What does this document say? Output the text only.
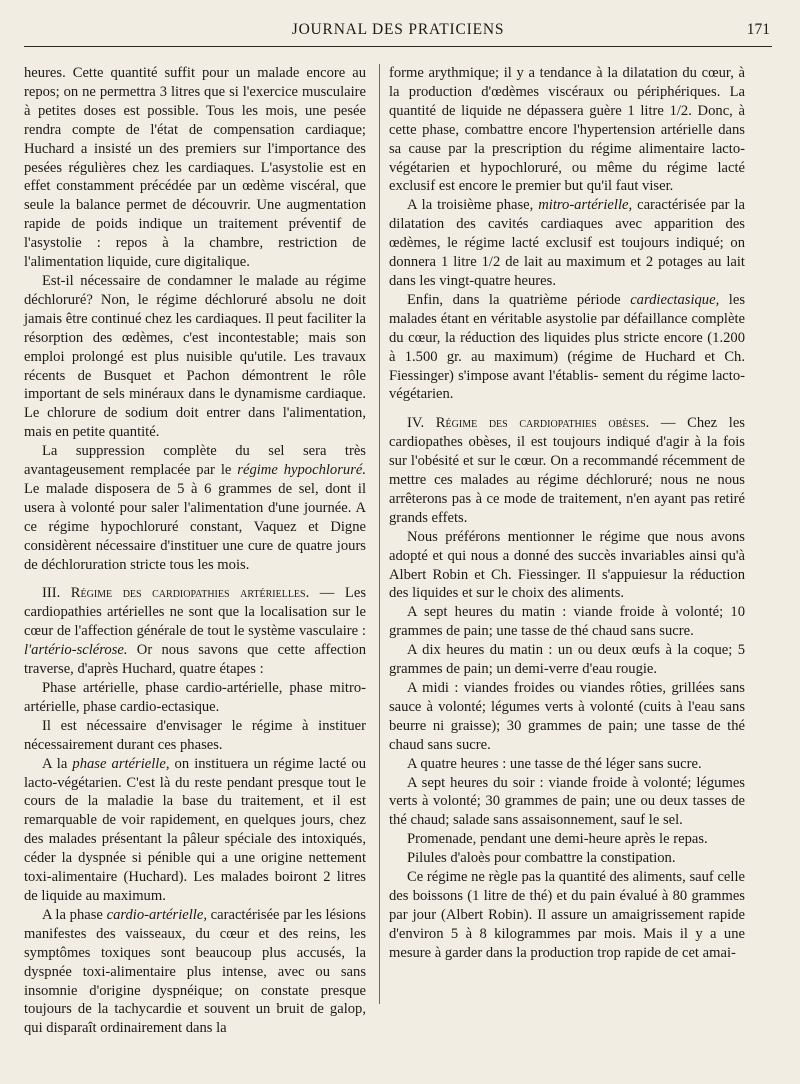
JOURNAL DES PRATICIENS	171

heures. Cette quantité suffit pour un malade encore au repos; on ne permettra 3 litres que si l'exercice musculaire à petites doses est possible. Tous les mois, une pesée rendra compte de l'état de compensation cardiaque; Huchard a insisté un des premiers sur l'importance des pesées régulières chez les cardiaques. L'asystolie est en effet constamment précédée par un œdème viscéral, que seule la balance permet de découvrir. Une augmentation rapide de poids indique un traitement préventif de l'asystolie : repos à la chambre, restriction de l'alimentation liquide, cure digitalique.

Est-il nécessaire de condamner le malade au régime déchloruré? Non, le régime déchloruré absolu ne doit jamais être continué chez les cardiaques. Il peut faciliter la résorption des œdèmes, c'est incontestable; mais son emploi prolongé est plus nuisible qu'utile. Les travaux récents de Busquet et Pachon démontrent le rôle important de sels minéraux dans le dynamisme cardiaque. Le chlorure de sodium doit entrer dans l'alimentation, mais en petite quantité.

La suppression complète du sel sera très avantageusement remplacée par le régime hypochloruré. Le malade disposera de 5 à 6 grammes de sel, dont il usera à volonté pour saler l'alimentation d'une journée. A ce régime hypochloruré constant, Vaquez et Digne considèrent nécessaire d'instituer une cure de quatre jours de déchloruration stricte tous les mois.

III. Régime des cardiopathies artérielles. — Les cardiopathies artérielles ne sont que la localisation sur le cœur de l'affection générale de tout le système vasculaire : l'artério-sclérose. Or nous savons que cette affection traverse, d'après Huchard, quatre étapes :

Phase artérielle, phase cardio-artérielle, phase mitro-artérielle, phase cardio-ectasique.

Il est nécessaire d'envisager le régime à instituer nécessairement durant ces phases.

A la phase artérielle, on instituera un régime lacté ou lacto-végétarien. C'est là du reste pendant presque tout le cours de la maladie la base du traitement, et il est remarquable de voir rapidement, en quelques jours, chez des malades présentant la pâleur spéciale des intoxiqués, céder la dyspnée si pénible qui a une origine nettement toxi-alimentaire (Huchard). Les malades boiront 2 litres de liquide au maximum.

A la phase cardio-artérielle, caractérisée par les lésions manifestes des vaisseaux, du cœur et des reins, les symptômes toxiques sont beaucoup plus accusés, la dyspnée toxi-alimentaire plus intense, avec ou sans insomnie d'origine dyspnéique; on constate presque toujours de la tachycardie et souvent un bruit de galop, qui disparaît ordinairement dans la

forme arythmique; il y a tendance à la dilatation du cœur, à la production d'œdèmes viscéraux ou périphériques. La quantité de liquide ne dépassera guère 1 litre 1/2. Donc, à cette phase, combattre encore l'hypertension artérielle dans sa cause par la prescription du régime alimentaire lacto-végétarien et hypochloruré, ou même du régime lacté exclusif est encore le premier but qu'il faut viser.

A la troisième phase, mitro-artérielle, caractérisée par la dilatation des cavités cardiaques avec apparition des œdèmes, le régime lacté exclusif est toujours indiqué; on donnera 1 litre 1/2 de lait au maximum et 2 potages au lait dans les vingt-quatre heures.

Enfin, dans la quatrième période cardiectasique, les malades étant en véritable asystolie par défaillance complète du cœur, la réduction des liquides plus stricte encore (1.200 à 1.500 gr. au maximum) (régime de Huchard et Ch. Fiessinger) s'impose avant l'établis- sement du régime lacto-végétarien.

IV. Régime des cardiopathies obèses. — Chez les cardiopathes obèses, il est toujours indiqué d'agir à la fois sur l'obésité et sur le cœur. On a recommandé récemment de mettre ces malades au régime déchloruré; nous ne nous arrêterons pas à ce mode de traitement, n'en ayant pas retiré grands effets.

Nous préférons mentionner le régime que nous avons adopté et qui nous a donné des succès invariables ainsi qu'à Albert Robin et Ch. Fiessinger. Il s'appuiesur la réduction des liquides et sur le choix des aliments.

A sept heures du matin : viande froide à volonté; 10 grammes de pain; une tasse de thé chaud sans sucre.

A dix heures du matin : un ou deux œufs à la coque; 5 grammes de pain; un demi-verre d'eau rougie.

A midi : viandes froides ou viandes rôties, grillées sans sauce à volonté; légumes verts à volonté (cuits à l'eau sans beurre ni graisse); 30 grammes de pain; une tasse de thé chaud sans sucre.

A quatre heures : une tasse de thé léger sans sucre.

A sept heures du soir : viande froide à volonté; légumes verts à volonté; 30 grammes de pain; une ou deux tasses de thé chaud; salade sans assaisonnement, sauf le sel.

Promenade, pendant une demi-heure après le repas.

Pilules d'aloès pour combattre la constipation.

Ce régime ne règle pas la quantité des aliments, sauf celle des boissons (1 litre de thé) et du pain évalué à 80 grammes par jour (Albert Robin). Il assure un amaigrissement rapide d'environ 5 à 8 kilogrammes par mois. Mais il y a une mesure à garder dans la production trop rapide de cet amai-
